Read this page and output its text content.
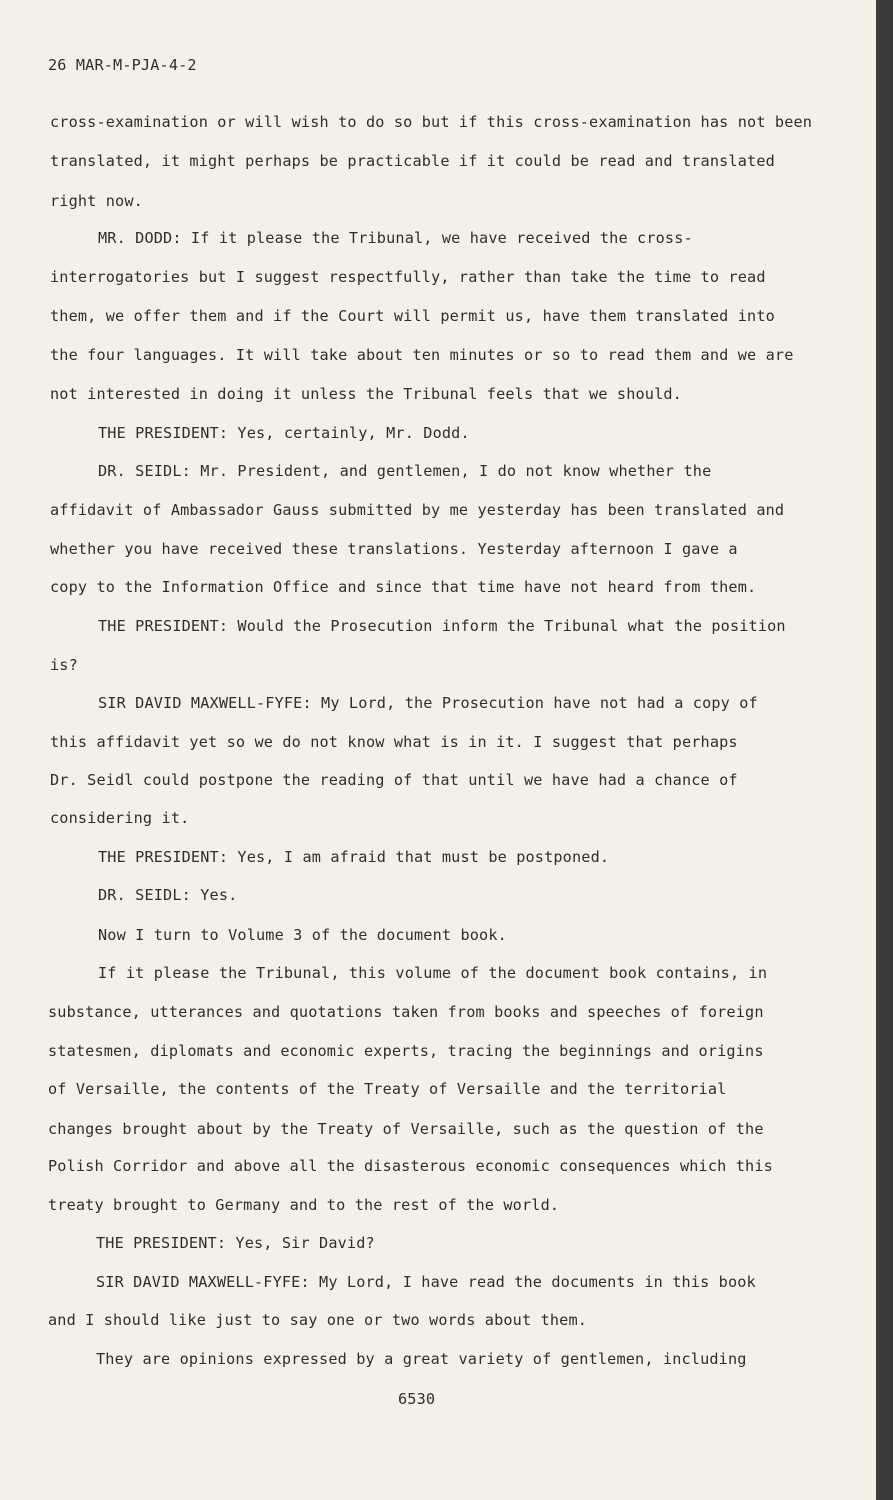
26 MAR-M-PJA-4-2
cross-examination or will wish to do so but if this cross-examination has not been
translated, it might perhaps be practicable if it could be read and translated
right now.
MR. DODD: If it please the Tribunal, we have received the cross-
interrogatories but I suggest respectfully, rather than take the time to read
them, we offer them and if the Court will permit us, have them translated into
the four languages. It will take about ten minutes or so to read them and we are
not interested in doing it unless the Tribunal feels that we should.
THE PRESIDENT: Yes, certainly, Mr. Dodd.
DR. SEIDL: Mr. President, and gentlemen, I do not know whether the
affidavit of Ambassador Gauss submitted by me yesterday has been translated and
whether you have received these translations. Yesterday afternoon I gave a
copy to the Information Office and since that time have not heard from them.
THE PRESIDENT: Would the Prosecution inform the Tribunal what the position
is?
SIR DAVID MAXWELL-FYFE: My Lord, the Prosecution have not had a copy of
this affidavit yet so we do not know what is in it. I suggest that perhaps
Dr. Seidl could postpone the reading of that until we have had a chance of
considering it.
THE PRESIDENT: Yes, I am afraid that must be postponed.
DR. SEIDL: Yes.
Now I turn to Volume 3 of the document book.
If it please the Tribunal, this volume of the document book contains, in
substance, utterances and quotations taken from books and speeches of foreign
statesmen, diplomats and economic experts, tracing the beginnings and origins
of Versaille, the contents of the Treaty of Versaille and the territorial
changes brought about by the Treaty of Versaille, such as the question of the
Polish Corridor and above all the disasterous economic consequences which this
treaty brought to Germany and to the rest of the world.
THE PRESIDENT: Yes, Sir David?
SIR DAVID MAXWELL-FYFE: My Lord, I have read the documents in this book
and I should like just to say one or two words about them.
They are opinions expressed by a great variety of gentlemen, including
6530
